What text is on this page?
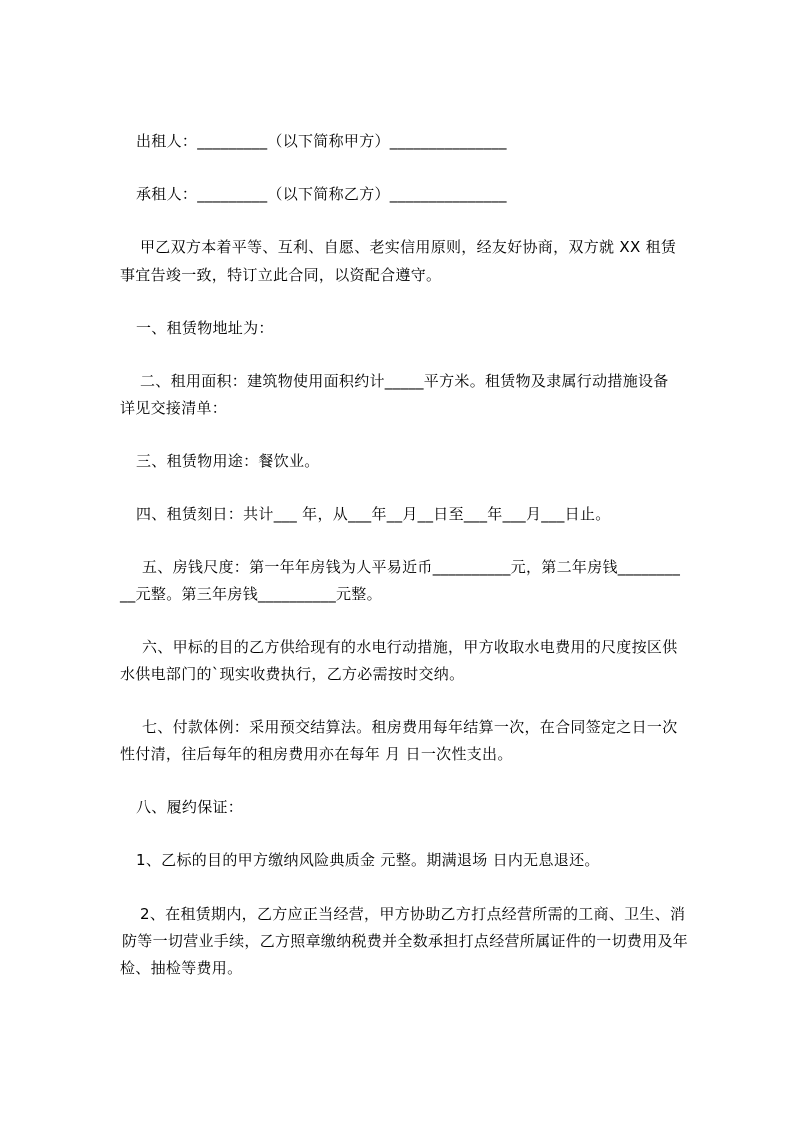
出租人：_________（以下简称甲方）_______________
承租人：_________（以下简称乙方）_______________
甲乙双方本着平等、互利、自愿、老实信用原则，经友好协商，双方就 XX 租赁
事宜告竣一致，特订立此合同，以资配合遵守。
一、租赁物地址为：
二、租用面积：建筑物使用面积约计_____平方米。租赁物及隶属行动措施设备
详见交接清单：
三、租赁物用途：餐饮业。
四、租赁刻日：共计___ 年，从___年__月__日至___年___月___日止。
五、房钱尺度：第一年年房钱为人平易近币__________元，第二年房钱________
__元整。第三年房钱__________元整。
六、甲标的目的乙方供给现有的水电行动措施，甲方收取水电费用的尺度按区供
水供电部门的`现实收费执行，乙方必需按时交纳。
七、付款体例：采用预交结算法。租房费用每年结算一次，在合同签定之日一次
性付清，往后每年的租房费用亦在每年 月 日一次性支出。
八、履约保证：
1、乙标的目的甲方缴纳风险典质金 元整。期满退场 日内无息退还。
2、在租赁期内，乙方应正当经营，甲方协助乙方打点经营所需的工商、卫生、消
防等一切营业手续，乙方照章缴纳税费并全数承担打点经营所属证件的一切费用及年
检、抽检等费用。
